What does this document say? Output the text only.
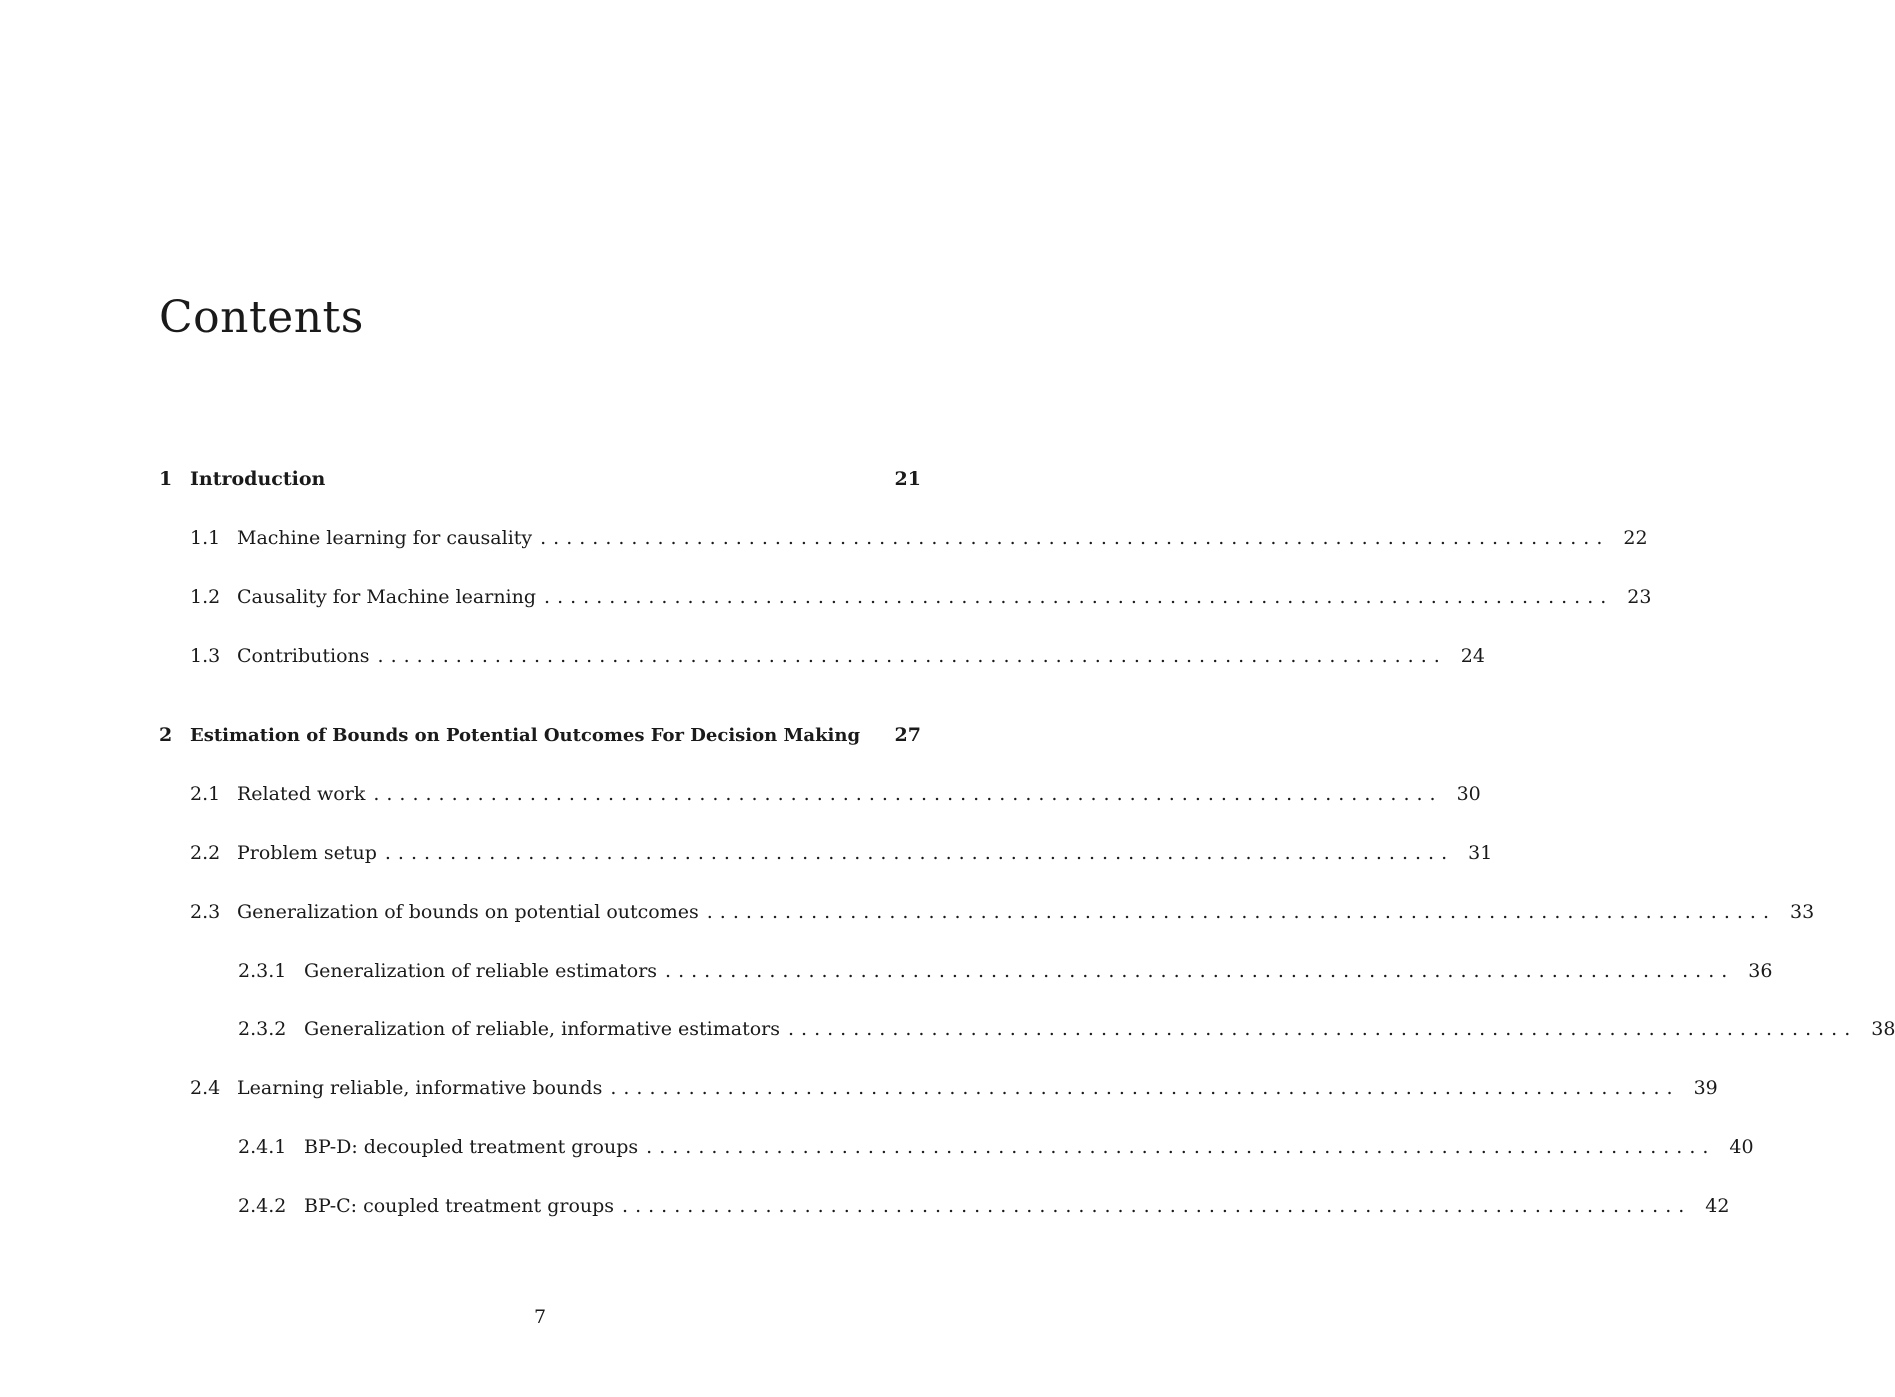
Contents
1 Introduction	21
1.1 Machine learning for causality .................................................................................. 22
1.2 Causality for Machine learning .................................................................................. 23
1.3 Contributions .................................................................................. 24
2 Estimation of Bounds on Potential Outcomes For Decision Making 27
2.1 Related work .................................................................................. 30
2.2 Problem setup .................................................................................. 31
2.3 Generalization of bounds on potential outcomes .................................................................................. 33
2.3.1 Generalization of reliable estimators .................................................................................. 36
2.3.2 Generalization of reliable, informative estimators .................................................................................. 38
2.4 Learning reliable, informative bounds .................................................................................. 39
2.4.1 BP-D: decoupled treatment groups .................................................................................. 40
2.4.2 BP-C: coupled treatment groups .................................................................................. 42
7
